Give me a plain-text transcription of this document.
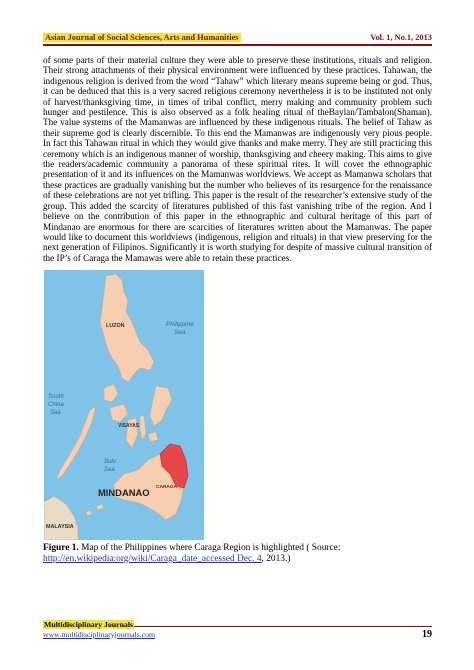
Asian Journal of Social Sciences, Arts and Humanities	Vol. 1, No.1, 2013

of some parts of their material culture they were able to preserve these institutions, rituals and religion. Their strong attachments of their physical environment were influenced by these practices. Tahawan, the indigenous religion is derived from the word “Tahaw” which literary means supreme being or god. Thus, it can be deduced that this is a very sacred religious ceremony nevertheless it is to be instituted not only of harvest/thanksgiving time, in times of tribal conflict, merry making and community problem such hunger and pestilence. This is also observed as a folk healing ritual of theBaylan/Tambalon(Shaman). The value systems of the Mamanwas are influenced by these indigenous rituals. The belief of Tahaw as their supreme god is clearly discernible. To this end the Mamanwas are indigenously very pious people. In fact this Tahawan ritual in which they would give thanks and make merry. They are still practicing this ceremony which is an indigenous manner of worship, thanksgiving and cheery making. This aims to give the readers/academic community a panorama of these spiritual rites. It will cover the ethnographic presentation of it and its influences on the Mamanwas worldviews. We accept as Mamanwa scholars that these practices are gradually vanishing but the number who believes of its resurgence for the renaissance of these celebrations are not yet trifling. This paper is the result of the researcher’s extensive study of the group. This added the scarcity of literatures published of this fast vanishing tribe of the region. And I believe on the contribution of this paper in the ethnographic and cultural heritage of this part of Mindanao are enormous for there are scarcities of literatures written about the Mamanwas. The paper would like to document this worldviews (indigenous, religion and rituals) in that view preserving for the next generation of Filipinos. Significantly it is worth studying for despite of massive cultural transition of the IP’s of Caraga the Mamawas were able to retain these practices.

LUZON	Philippine
Sea
South
China
Sea
VISAYAS
Sulu
Sea
CARAGA
MINDANAO
MALAYSIA

Figure 1. Map of the Philippines where Caraga Region is highlighted ( Source: http://en.wikipedia:org/wiki/Caraga_date_accessed Dec. 4, 2013.)

Multidisciplinary Journals
www.multidisciplinaryjournals.com	19
